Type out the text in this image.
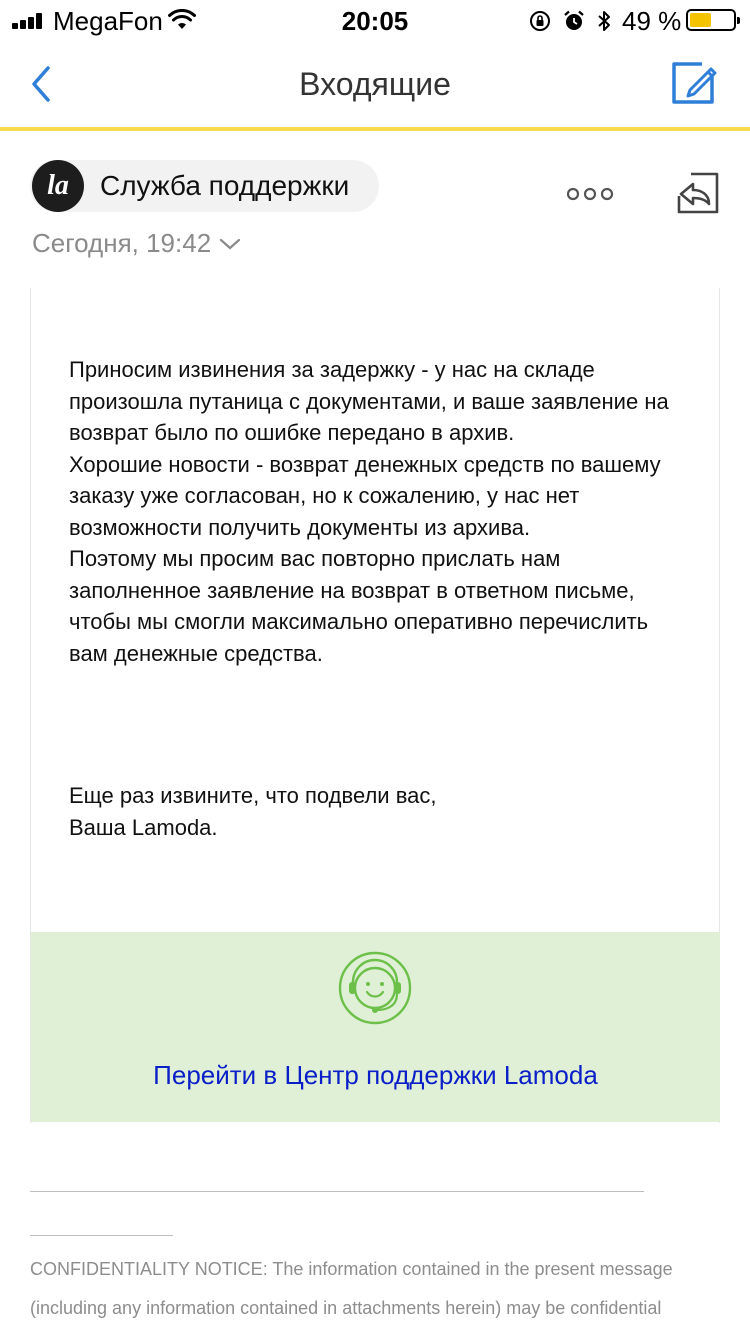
MegaFon	20:05	49 %
Входящие
la	Служба поддержки
Сегодня, 19:42

Приносим извинения за задержку - у нас на складе произошла путаница с документами, и ваше заявление на возврат было по ошибке передано в архив.

Хорошие новости - возврат денежных средств по вашему заказу уже согласован, но к сожалению, у нас нет возможности получить документы из архива.

Поэтому мы просим вас повторно прислать нам заполненное заявление на возврат в ответном письме, чтобы мы смогли максимально оперативно перечислить вам денежные средства.

Еще раз извините, что подвели вас,
Ваша Lamoda.
Перейти в Центр поддержки Lamoda
CONFIDENTIALITY NOTICE: The information contained in the present message
(including any information contained in attachments herein) may be confidential
